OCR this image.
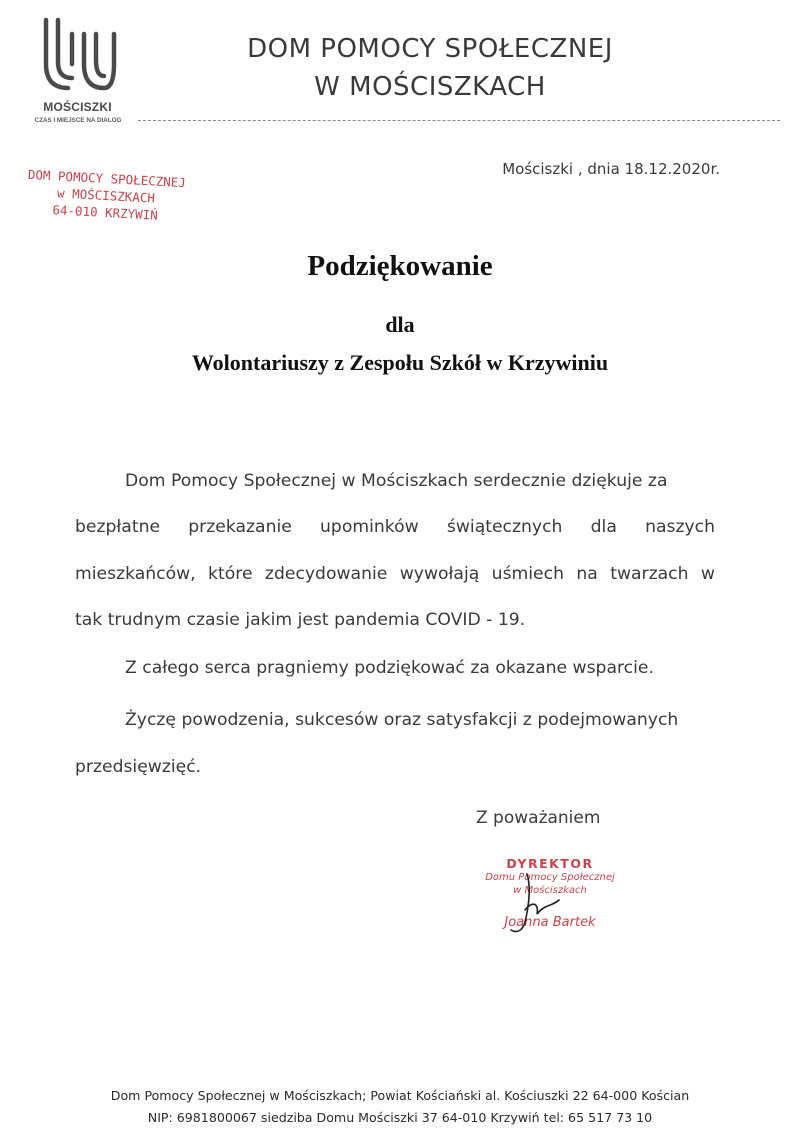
MOŚCISZKI
CZAS I MIEJSCE NA DIALOG
DOM POMOCY SPOŁECZNEJ
W MOŚCISZKACH
DOM POMOCY SPOŁECZNEJ
w MOŚCISZKACH
64-010 KRZYWIŃ
Mościszki , dnia 18.12.2020r.
Podziękowanie
dla
Wolontariuszy z Zespołu Szkół w Krzywiniu
Dom Pomocy Społecznej w Mościszkach serdecznie dziękuje za
bezpłatne przekazanie upominków świątecznych dla naszych
mieszkańców, które zdecydowanie wywołają uśmiech na twarzach w
tak trudnym czasie jakim jest pandemia COVID - 19.
Z całego serca pragniemy podziękować za okazane wsparcie.
Życzę powodzenia, sukcesów oraz satysfakcji z podejmowanych
przedsięwzięć.
Z poważaniem
DYREKTOR
Domu Pomocy Społecznej
w Mościszkach
Joanna Bartek
Dom Pomocy Społecznej w Mościszkach; Powiat Kościański al. Kościuszki 22 64-000 Kościan
NIP: 6981800067 siedziba Domu Mościszki 37 64-010 Krzywiń tel: 65 517 73 10
